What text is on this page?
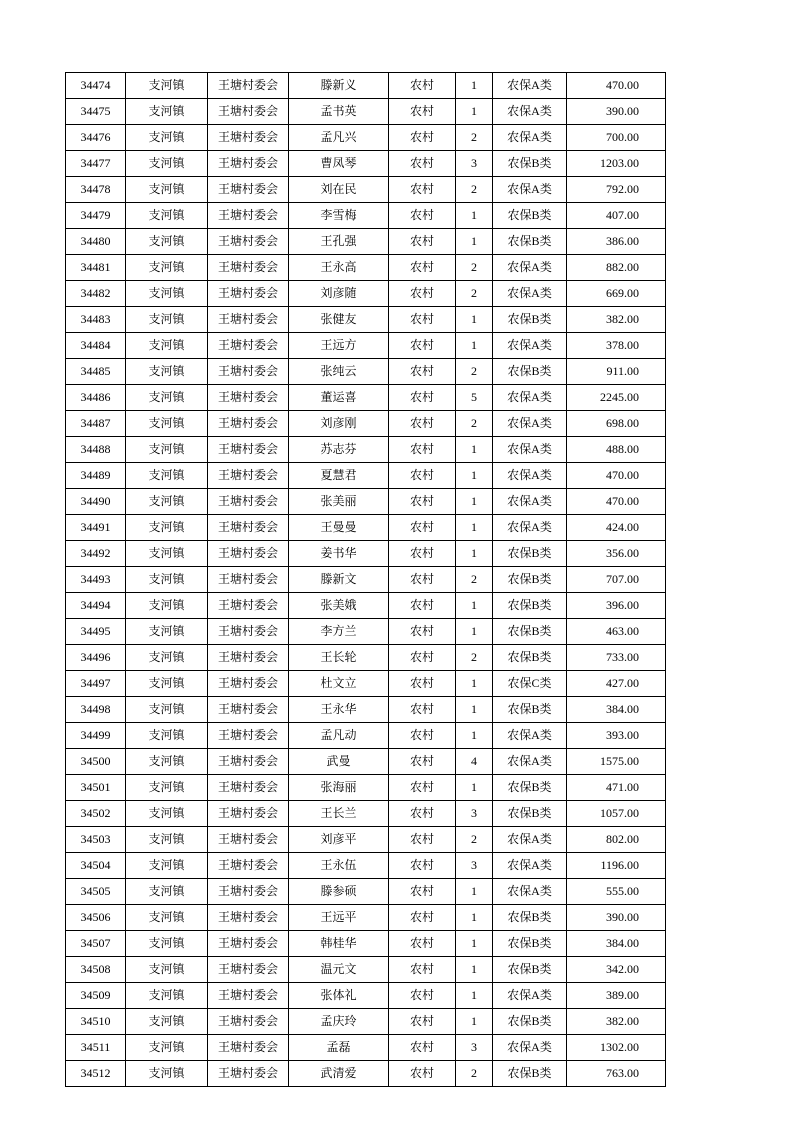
34474	支河镇	王塘村委会	滕新义	农村	1	农保A类	470.00
34475	支河镇	王塘村委会	孟书英	农村	1	农保A类	390.00
34476	支河镇	王塘村委会	孟凡兴	农村	2	农保A类	700.00
34477	支河镇	王塘村委会	曹凤琴	农村	3	农保B类	1203.00
34478	支河镇	王塘村委会	刘在民	农村	2	农保A类	792.00
34479	支河镇	王塘村委会	李雪梅	农村	1	农保B类	407.00
34480	支河镇	王塘村委会	王孔强	农村	1	农保B类	386.00
34481	支河镇	王塘村委会	王永高	农村	2	农保A类	882.00
34482	支河镇	王塘村委会	刘彦随	农村	2	农保A类	669.00
34483	支河镇	王塘村委会	张健友	农村	1	农保B类	382.00
34484	支河镇	王塘村委会	王远方	农村	1	农保A类	378.00
34485	支河镇	王塘村委会	张纯云	农村	2	农保B类	911.00
34486	支河镇	王塘村委会	董运喜	农村	5	农保A类	2245.00
34487	支河镇	王塘村委会	刘彦刚	农村	2	农保A类	698.00
34488	支河镇	王塘村委会	苏志芬	农村	1	农保A类	488.00
34489	支河镇	王塘村委会	夏慧君	农村	1	农保A类	470.00
34490	支河镇	王塘村委会	张美丽	农村	1	农保A类	470.00
34491	支河镇	王塘村委会	王曼曼	农村	1	农保A类	424.00
34492	支河镇	王塘村委会	姜书华	农村	1	农保B类	356.00
34493	支河镇	王塘村委会	滕新文	农村	2	农保B类	707.00
34494	支河镇	王塘村委会	张美娥	农村	1	农保B类	396.00
34495	支河镇	王塘村委会	李方兰	农村	1	农保B类	463.00
34496	支河镇	王塘村委会	王长轮	农村	2	农保B类	733.00
34497	支河镇	王塘村委会	杜文立	农村	1	农保C类	427.00
34498	支河镇	王塘村委会	王永华	农村	1	农保B类	384.00
34499	支河镇	王塘村委会	孟凡动	农村	1	农保A类	393.00
34500	支河镇	王塘村委会	武曼	农村	4	农保A类	1575.00
34501	支河镇	王塘村委会	张海丽	农村	1	农保B类	471.00
34502	支河镇	王塘村委会	王长兰	农村	3	农保B类	1057.00
34503	支河镇	王塘村委会	刘彦平	农村	2	农保A类	802.00
34504	支河镇	王塘村委会	王永伍	农村	3	农保A类	1196.00
34505	支河镇	王塘村委会	滕参硕	农村	1	农保A类	555.00
34506	支河镇	王塘村委会	王远平	农村	1	农保B类	390.00
34507	支河镇	王塘村委会	韩桂华	农村	1	农保B类	384.00
34508	支河镇	王塘村委会	温元文	农村	1	农保B类	342.00
34509	支河镇	王塘村委会	张体礼	农村	1	农保A类	389.00
34510	支河镇	王塘村委会	孟庆玲	农村	1	农保B类	382.00
34511	支河镇	王塘村委会	孟磊	农村	3	农保A类	1302.00
34512	支河镇	王塘村委会	武清爱	农村	2	农保B类	763.00
